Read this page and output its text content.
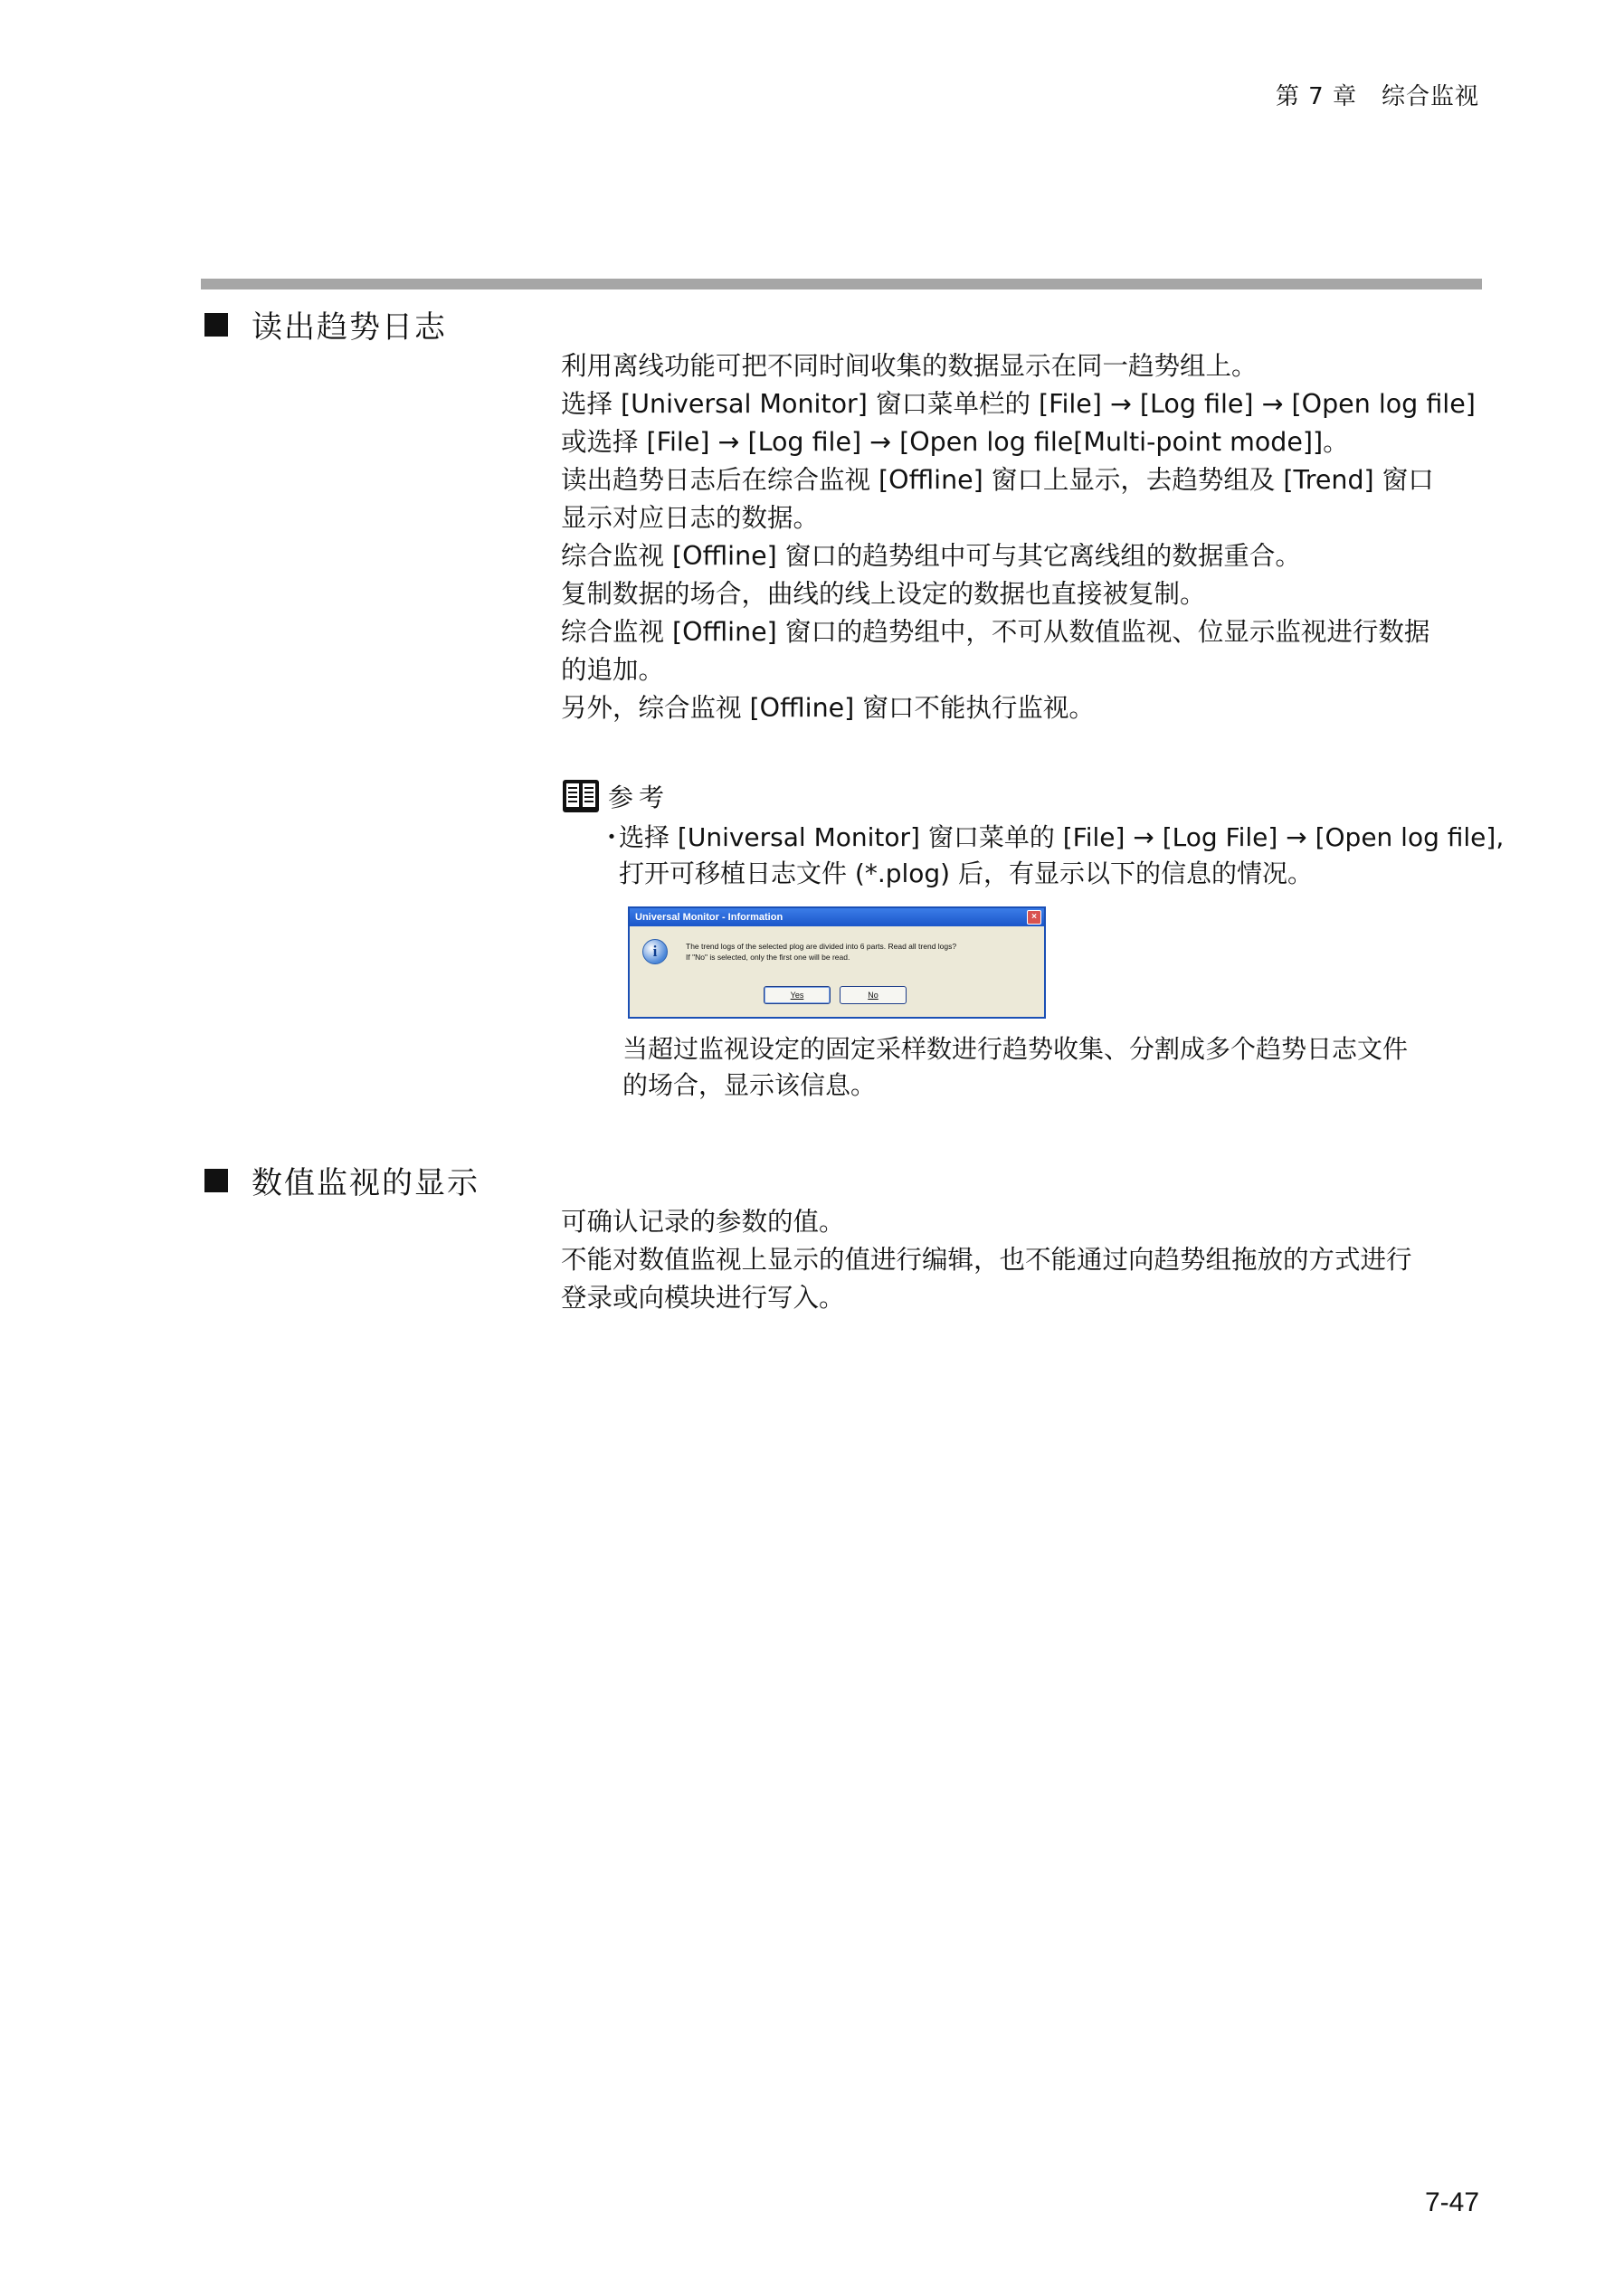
第 7 章　综合监视
读出趋势日志

利用离线功能可把不同时间收集的数据显示在同一趋势组上。

选择 [Universal Monitor] 窗口菜单栏的 [File] → [Log file] → [Open log file]

或选择 [File] → [Log file] → [Open log file[Multi-point mode]]。

读出趋势日志后在综合监视 [Offline] 窗口上显示，去趋势组及 [Trend] 窗口

显示对应日志的数据。

综合监视 [Offline] 窗口的趋势组中可与其它离线组的数据重合。

复制数据的场合，曲线的线上设定的数据也直接被复制。

综合监视 [Offline] 窗口的趋势组中，不可从数值监视、位显示监视进行数据

的追加。

另外，综合监视 [Offline] 窗口不能执行监视。

参考
・

选择 [Universal Monitor] 窗口菜单的 [File] → [Log File] → [Open log file],

打开可移植日志文件 (*.plog) 后，有显示以下的信息的情况。

Universal Monitor - Information	×
i	The trend logs of the selected plog are divided into 6 parts. Read all trend logs?

If "No" is selected, only the first one will be read.

Yes	No

当超过监视设定的固定采样数进行趋势收集、分割成多个趋势日志文件

的场合，显示该信息。

数值监视的显示

可确认记录的参数的值。

不能对数值监视上显示的值进行编辑，也不能通过向趋势组拖放的方式进行

登录或向模块进行写入。

7-47
